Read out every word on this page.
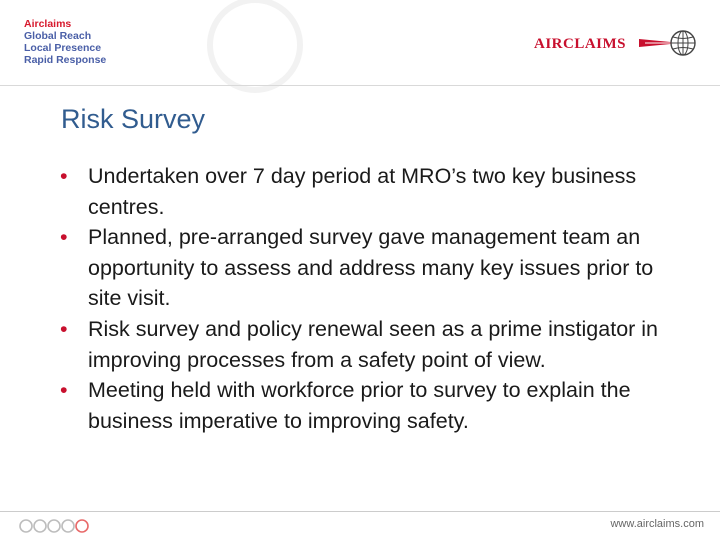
Airclaims
Global Reach
Local Presence
Rapid Response
AIRCLAIMS
Risk Survey
• Undertaken over 7 day period at MRO’s two key business centres.
• Planned, pre-arranged survey gave management team an opportunity to assess and address many key issues prior to site visit.
• Risk survey and policy renewal seen as a prime instigator in improving processes from a safety point of view.
• Meeting held with workforce prior to survey to explain the business imperative to improving safety.
www.airclaims.com
